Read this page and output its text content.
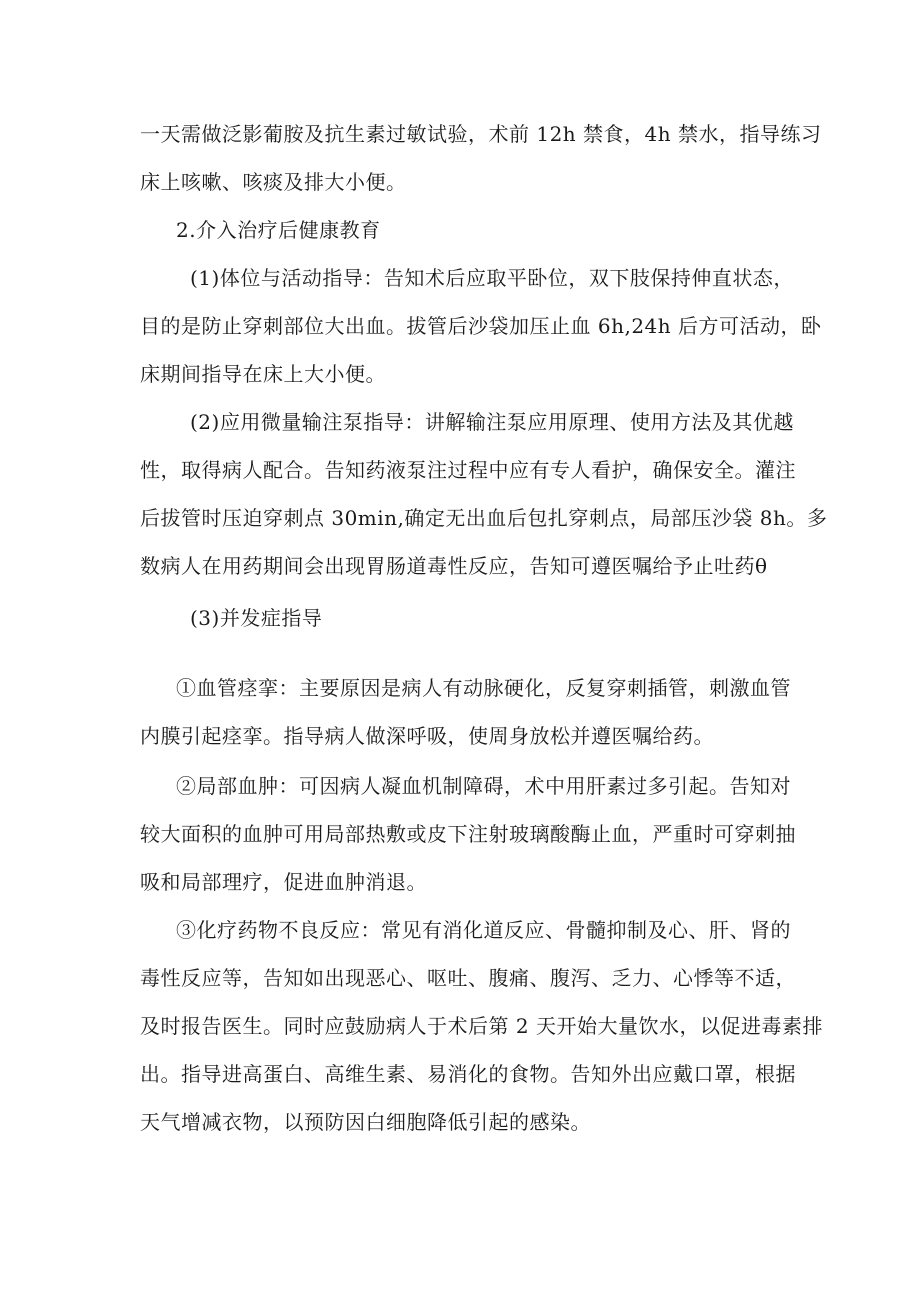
一天需做泛影葡胺及抗生素过敏试验，术前 12h 禁食，4h 禁水，指导练习
床上咳嗽、咳痰及排大小便。
2.介入治疗后健康教育
(1)体位与活动指导：告知术后应取平卧位，双下肢保持伸直状态，
目的是防止穿刺部位大出血。拔管后沙袋加压止血 6h,24h 后方可活动，卧
床期间指导在床上大小便。
(2)应用微量输注泵指导：讲解输注泵应用原理、使用方法及其优越
性，取得病人配合。告知药液泵注过程中应有专人看护，确保安全。灌注
后拔管时压迫穿刺点 30min,确定无出血后包扎穿刺点，局部压沙袋 8h。多
数病人在用药期间会出现胃肠道毒性反应，告知可遵医嘱给予止吐药θ
(3)并发症指导
①血管痉挛：主要原因是病人有动脉硬化，反复穿刺插管，刺激血管
内膜引起痉挛。指导病人做深呼吸，使周身放松并遵医嘱给药。
②局部血肿：可因病人凝血机制障碍，术中用肝素过多引起。告知对
较大面积的血肿可用局部热敷或皮下注射玻璃酸酶止血，严重时可穿刺抽
吸和局部理疗，促进血肿消退。
③化疗药物不良反应：常见有消化道反应、骨髓抑制及心、肝、肾的
毒性反应等，告知如出现恶心、呕吐、腹痛、腹泻、乏力、心悸等不适，
及时报告医生。同时应鼓励病人于术后第 2 天开始大量饮水，以促进毒素排
出。指导进高蛋白、高维生素、易消化的食物。告知外出应戴口罩，根据
天气增减衣物，以预防因白细胞降低引起的感染。
